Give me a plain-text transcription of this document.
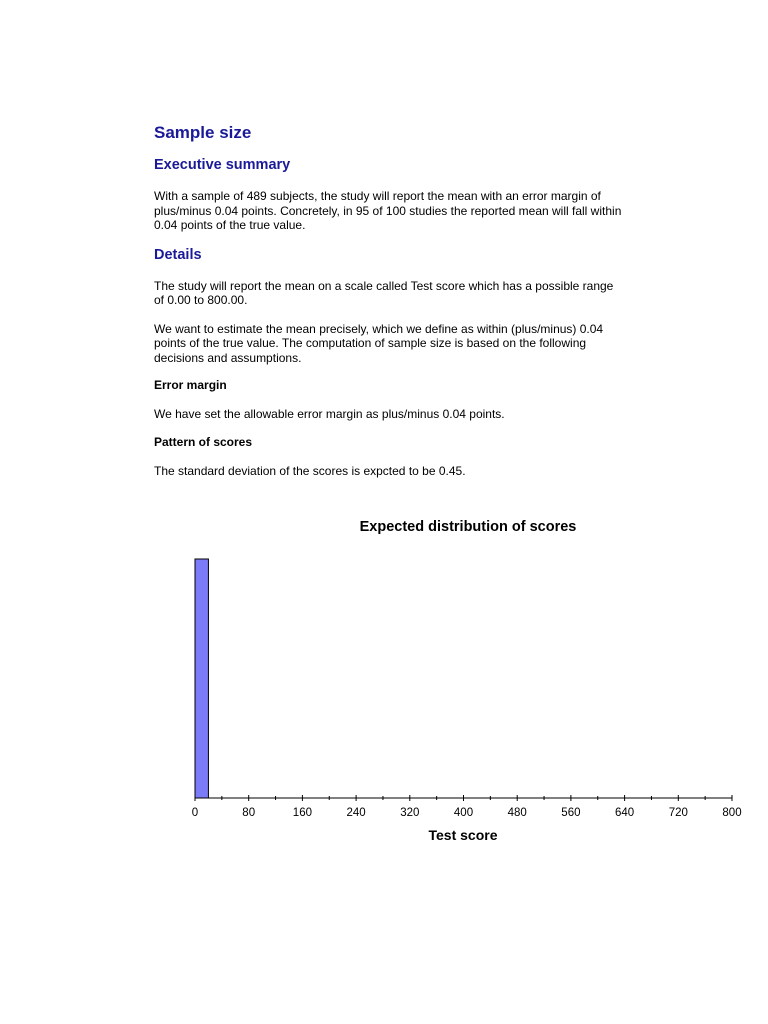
Sample size
Executive summary

With a sample of 489 subjects, the study will report the mean with an error margin of plus/minus 0.04 points. Concretely, in 95 of 100 studies the reported mean will fall within 0.04 points of the true value.

Details

The study will report the mean on a scale called Test score which has a possible range of 0.00 to 800.00.

We want to estimate the mean precisely, which we define as within (plus/minus) 0.04 points of the true value. The computation of sample size is based on the following decisions and assumptions.

Error margin

We have set the allowable error margin as plus/minus 0.04 points.

Pattern of scores

The standard deviation of the scores is expcted to be 0.45.

Expected distribution of scores
0	80	160	240	320	400	480	560	640	720	800
Test score
